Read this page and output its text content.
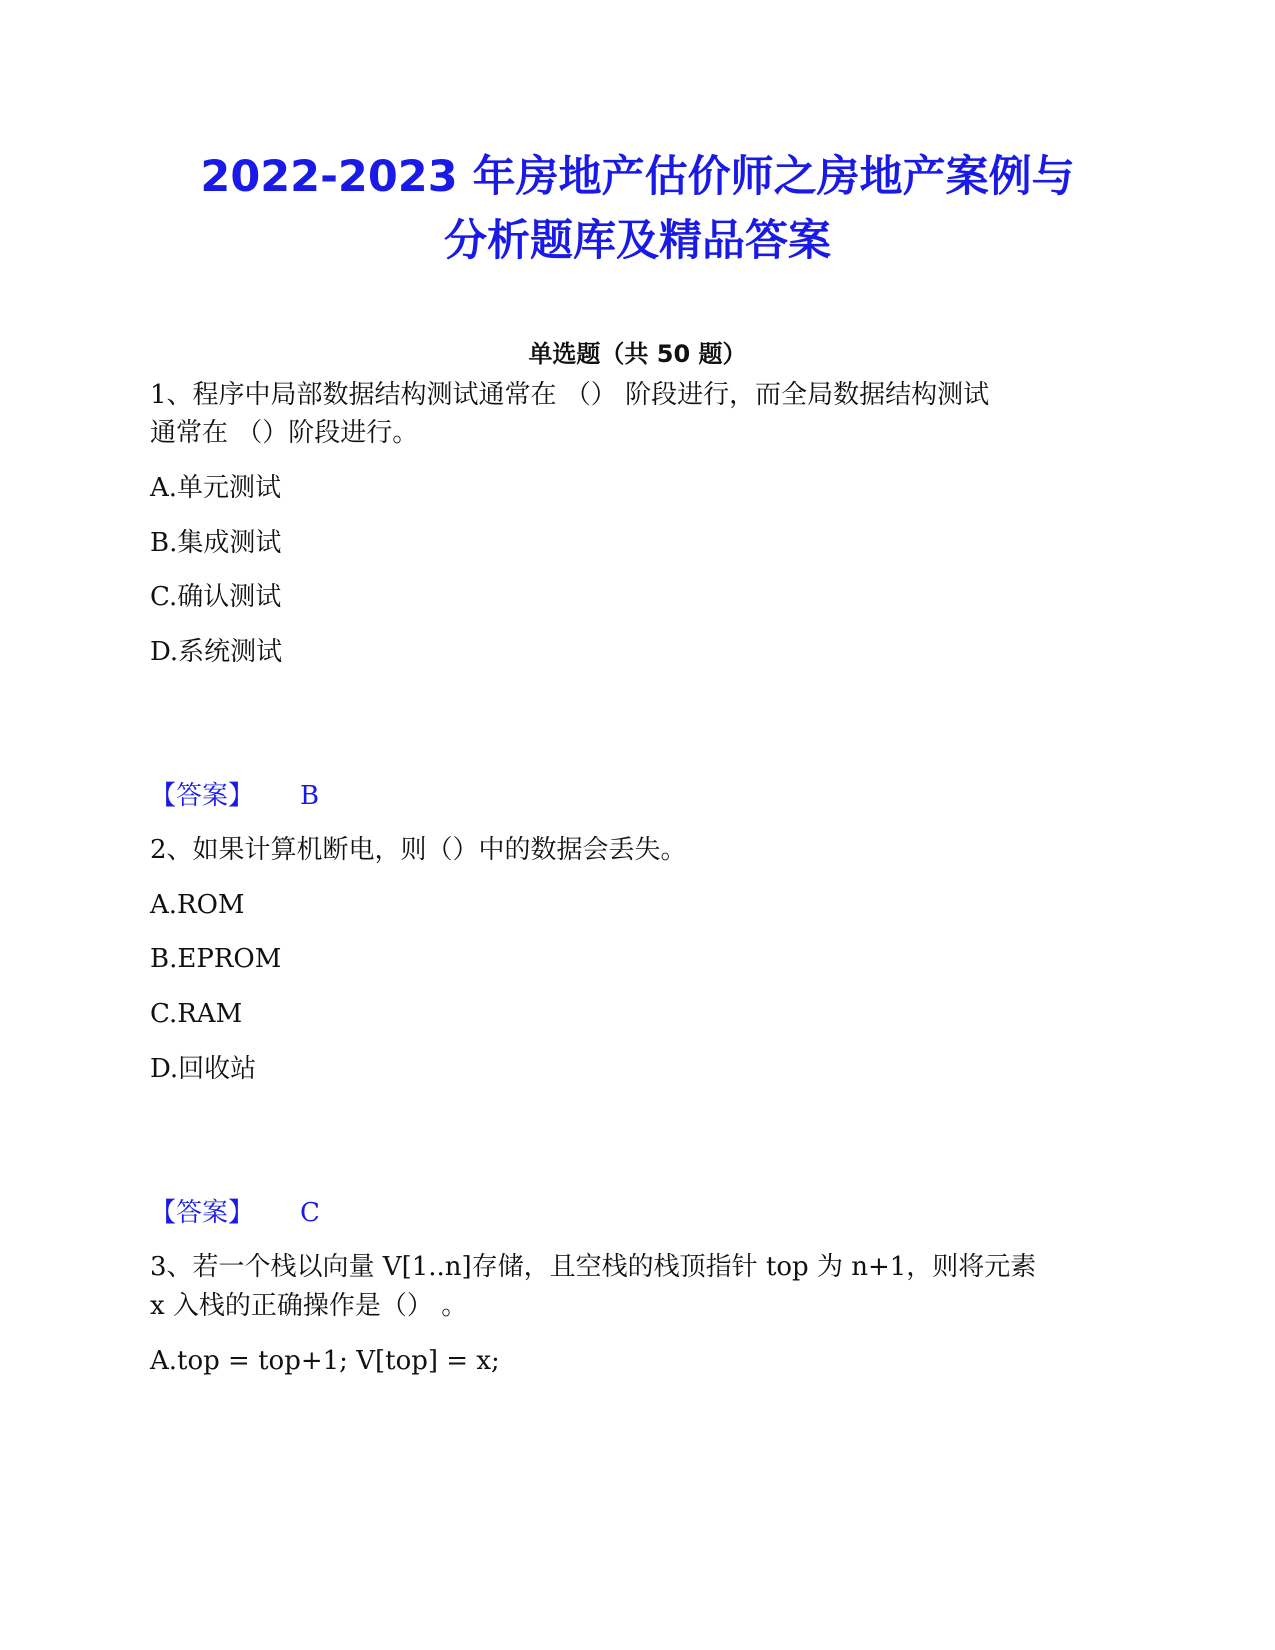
2022-2023 年房地产估价师之房地产案例与
分析题库及精品答案
单选题（共 50 题）
1、程序中局部数据结构测试通常在 （） 阶段进行，而全局数据结构测试
通常在 （）阶段进行。
A.单元测试
B.集成测试
C.确认测试
D.系统测试
【答案】 B
2、如果计算机断电，则（）中的数据会丢失。
A.ROM
B.EPROM
C.RAM
D.回收站
【答案】 C
3、若一个栈以向量 V[1..n]存储，且空栈的栈顶指针 top 为 n+1，则将元素
x 入栈的正确操作是（） 。
A.top = top+1; V[top] = x;
